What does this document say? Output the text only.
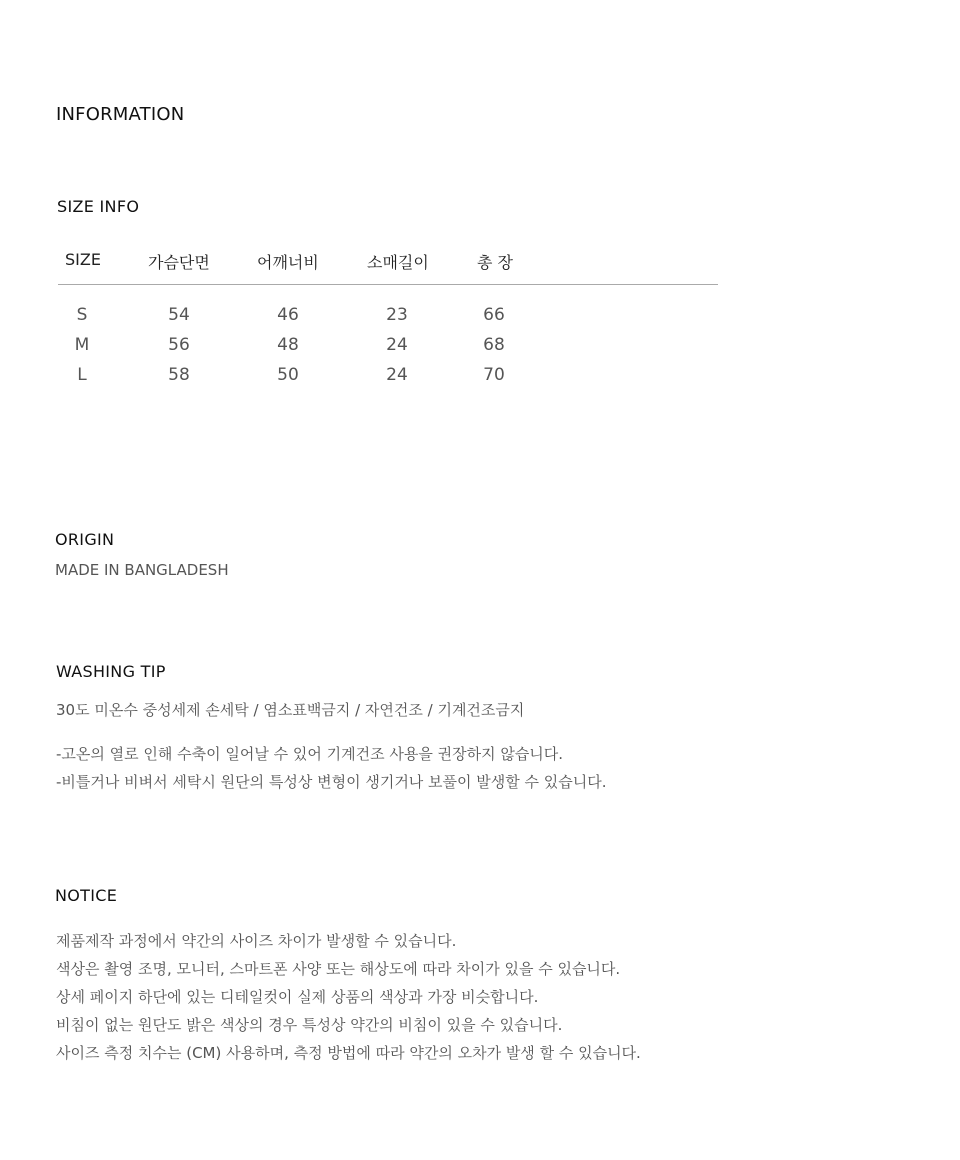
INFORMATION
SIZE INFO
SIZE	가슴단면	어깨너비	소매길이	총 장
S	54	46	23	66
M	56	48	24	68
L	58	50	24	70
ORIGIN
MADE IN BANGLADESH
WASHING TIP
30도 미온수 중성세제 손세탁 / 염소표백금지 / 자연건조 / 기계건조금지
-고온의 열로 인해 수축이 일어날 수 있어 기계건조 사용을 권장하지 않습니다.
-비틀거나 비벼서 세탁시 원단의 특성상 변형이 생기거나 보풀이 발생할 수 있습니다.
NOTICE
제품제작 과정에서 약간의 사이즈 차이가 발생할 수 있습니다.
색상은 촬영 조명, 모니터, 스마트폰 사양 또는 해상도에 따라 차이가 있을 수 있습니다.
상세 페이지 하단에 있는 디테일컷이 실제 상품의 색상과 가장 비슷합니다.
비침이 없는 원단도 밝은 색상의 경우 특성상 약간의 비침이 있을 수 있습니다.
사이즈 측정 치수는 (CM) 사용하며, 측정 방법에 따라 약간의 오차가 발생 할 수 있습니다.
